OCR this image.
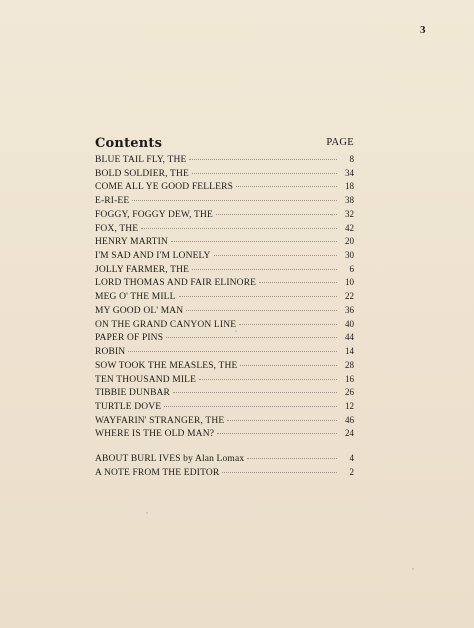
3
Contents	PAGE
BLUE TAIL FLY, THE	8
BOLD SOLDIER, THE	34
COME ALL YE GOOD FELLERS	18
E-RI-EE	38
FOGGY, FOGGY DEW, THE	32
FOX, THE	42
HENRY MARTIN	20
I'M SAD AND I'M LONELY	30
JOLLY FARMER, THE	6
LORD THOMAS AND FAIR ELINORE	10
MEG O' THE MILL	22
MY GOOD OL' MAN	36
ON THE GRAND CANYON LINE	40
PAPER OF PINS	44
ROBIN	14
SOW TOOK THE MEASLES, THE	28
TEN THOUSAND MILE	16
TIBBIE DUNBAR	26
TURTLE DOVE	12
WAYFARIN' STRANGER, THE	46
WHERE IS THE OLD MAN?	24
ABOUT BURL IVES by Alan Lomax	4
A NOTE FROM THE EDITOR	2
